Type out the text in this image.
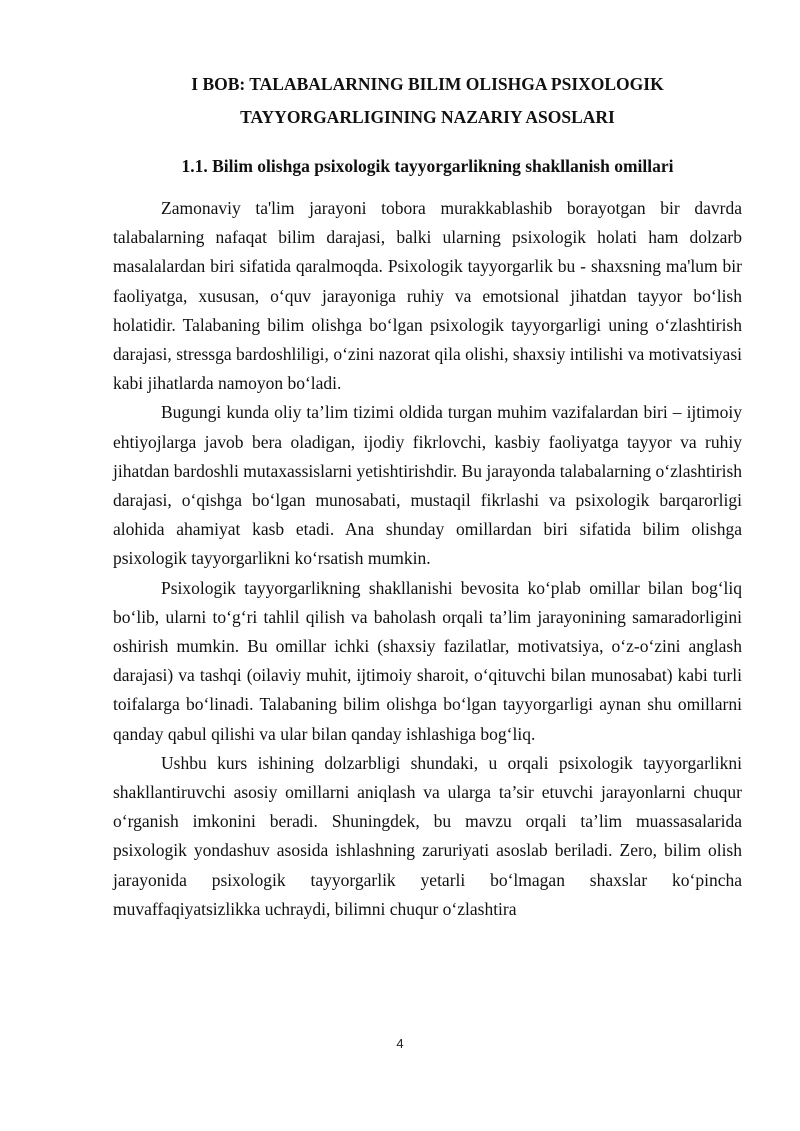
I BOB: TALABALARNING BILIM OLISHGA PSIXOLOGIK

TAYYORGARLIGINING NAZARIY ASOSLARI

1.1. Bilim olishga psixologik tayyorgarlikning shakllanish omillari

Zamonaviy ta'lim jarayoni tobora murakkablashib borayotgan bir davrda talabalarning nafaqat bilim darajasi, balki ularning psixologik holati ham dolzarb masalalardan biri sifatida qaralmoqda. Psixologik tayyorgarlik bu - shaxsning ma'lum bir faoliyatga, xususan, o‘quv jarayoniga ruhiy va emotsional jihatdan tayyor bo‘lish holatidir. Talabaning bilim olishga bo‘lgan psixologik tayyorgarligi uning o‘zlashtirish darajasi, stressga bardoshliligi, o‘zini nazorat qila olishi, shaxsiy intilishi va motivatsiyasi kabi jihatlarda namoyon bo‘ladi.

Bugungi kunda oliy ta’lim tizimi oldida turgan muhim vazifalardan biri – ijtimoiy ehtiyojlarga javob bera oladigan, ijodiy fikrlovchi, kasbiy faoliyatga tayyor va ruhiy jihatdan bardoshli mutaxassislarni yetishtirishdir. Bu jarayonda talabalarning o‘zlashtirish darajasi, o‘qishga bo‘lgan munosabati, mustaqil fikrlashi va psixologik barqarorligi alohida ahamiyat kasb etadi. Ana shunday omillardan biri sifatida bilim olishga psixologik tayyorgarlikni ko‘rsatish mumkin.

Psixologik tayyorgarlikning shakllanishi bevosita ko‘plab omillar bilan bog‘liq bo‘lib, ularni to‘g‘ri tahlil qilish va baholash orqali ta’lim jarayonining samaradorligini oshirish mumkin. Bu omillar ichki (shaxsiy fazilatlar, motivatsiya, o‘z-o‘zini anglash darajasi) va tashqi (oilaviy muhit, ijtimoiy sharoit, o‘qituvchi bilan munosabat) kabi turli toifalarga bo‘linadi. Talabaning bilim olishga bo‘lgan tayyorgarligi aynan shu omillarni qanday qabul qilishi va ular bilan qanday ishlashiga bog‘liq.

Ushbu kurs ishining dolzarbligi shundaki, u orqali psixologik tayyorgarlikni shakllantiruvchi asosiy omillarni aniqlash va ularga ta’sir etuvchi jarayonlarni chuqur o‘rganish imkonini beradi. Shuningdek, bu mavzu orqali ta’lim muassasalarida psixologik yondashuv asosida ishlashning zaruriyati asoslab beriladi. Zero, bilim olish jarayonida psixologik tayyorgarlik yetarli bo‘lmagan shaxslar ko‘pincha muvaffaqiyatsizlikka uchraydi, bilimni chuqur o‘zlashtira

4
